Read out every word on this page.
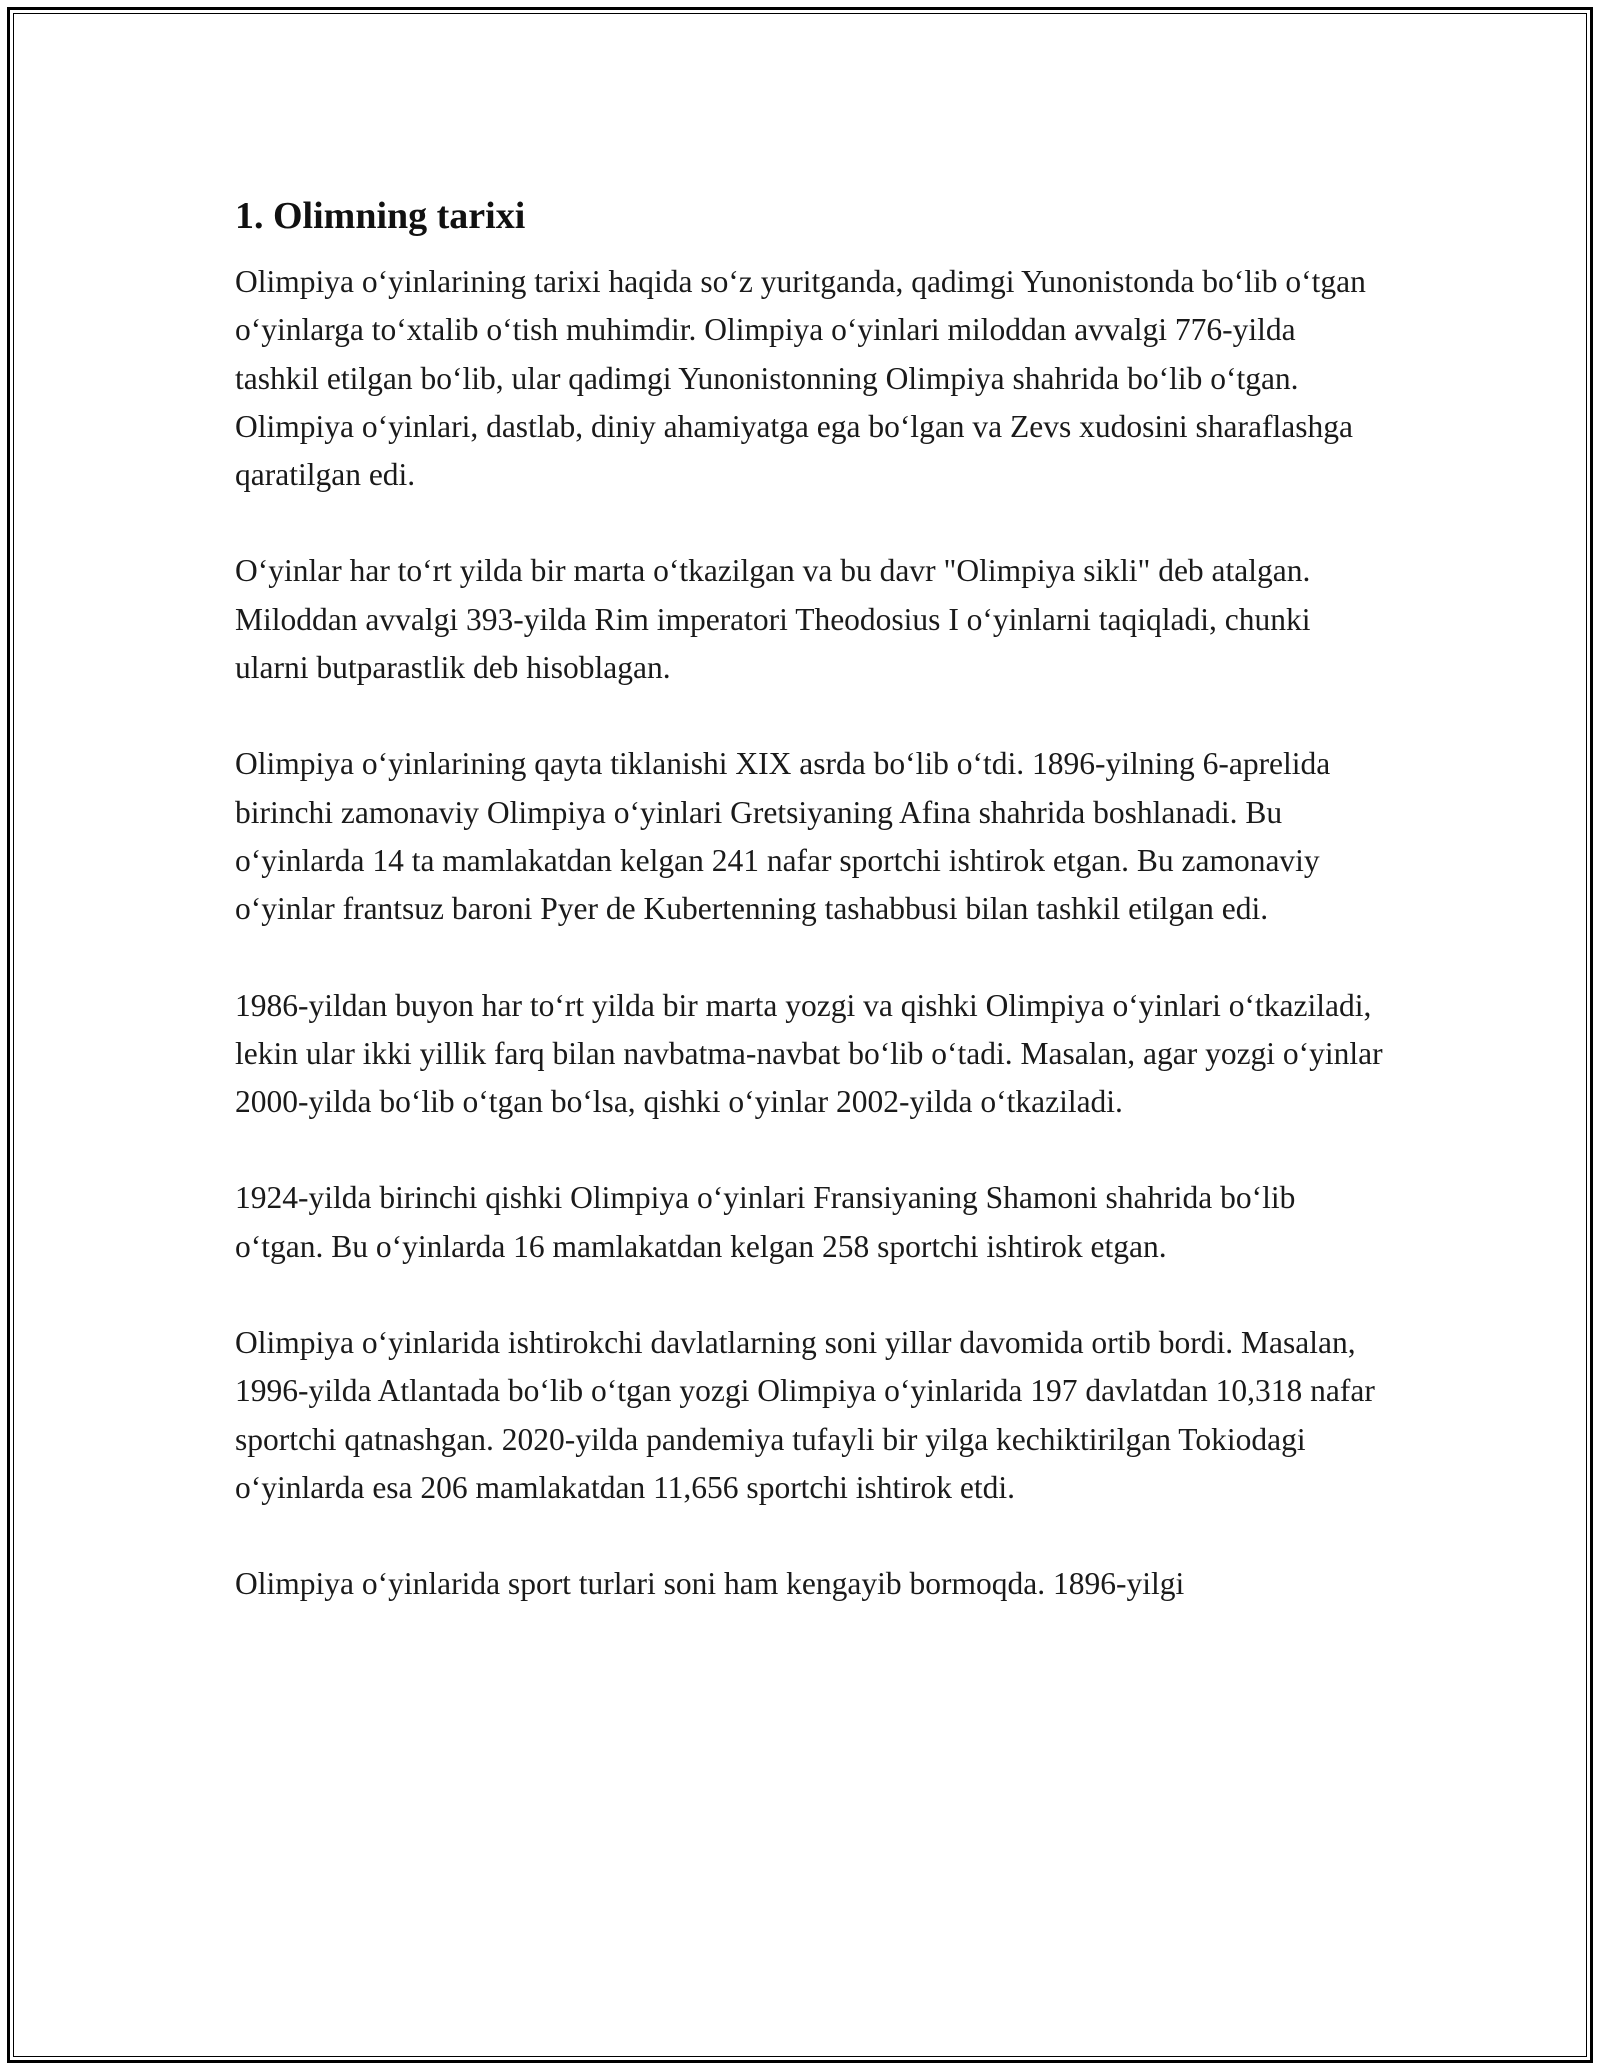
1. Olimning tarixi

Olimpiya o‘yinlarining tarixi haqida so‘z yuritganda, qadimgi Yunonistonda bo‘lib o‘tgan o‘yinlarga to‘xtalib o‘tish muhimdir. Olimpiya o‘yinlari miloddan avvalgi 776-yilda tashkil etilgan bo‘lib, ular qadimgi Yunonistonning Olimpiya shahrida bo‘lib o‘tgan. Olimpiya o‘yinlari, dastlab, diniy ahamiyatga ega bo‘lgan va Zevs xudosini sharaflashga qaratilgan edi.

O‘yinlar har to‘rt yilda bir marta o‘tkazilgan va bu davr "Olimpiya sikli" deb atalgan. Miloddan avvalgi 393-yilda Rim imperatori Theodosius I o‘yinlarni taqiqladi, chunki ularni butparastlik deb hisoblagan.

Olimpiya o‘yinlarining qayta tiklanishi XIX asrda bo‘lib o‘tdi. 1896-yilning 6-aprelida birinchi zamonaviy Olimpiya o‘yinlari Gretsiyaning Afina shahrida boshlanadi. Bu o‘yinlarda 14 ta mamlakatdan kelgan 241 nafar sportchi ishtirok etgan. Bu zamonaviy o‘yinlar frantsuz baroni Pyer de Kubertenning tashabbusi bilan tashkil etilgan edi.

1986-yildan buyon har to‘rt yilda bir marta yozgi va qishki Olimpiya o‘yinlari o‘tkaziladi, lekin ular ikki yillik farq bilan navbatma-navbat bo‘lib o‘tadi. Masalan, agar yozgi o‘yinlar 2000-yilda bo‘lib o‘tgan bo‘lsa, qishki o‘yinlar 2002-yilda o‘tkaziladi.

1924-yilda birinchi qishki Olimpiya o‘yinlari Fransiyaning Shamoni shahrida bo‘lib o‘tgan. Bu o‘yinlarda 16 mamlakatdan kelgan 258 sportchi ishtirok etgan.

Olimpiya o‘yinlarida ishtirokchi davlatlarning soni yillar davomida ortib bordi. Masalan, 1996-yilda Atlantada bo‘lib o‘tgan yozgi Olimpiya o‘yinlarida 197 davlatdan 10,318 nafar sportchi qatnashgan. 2020-yilda pandemiya tufayli bir yilga kechiktirilgan Tokiodagi o‘yinlarda esa 206 mamlakatdan 11,656 sportchi ishtirok etdi.

Olimpiya o‘yinlarida sport turlari soni ham kengayib bormoqda. 1896-yilgi
